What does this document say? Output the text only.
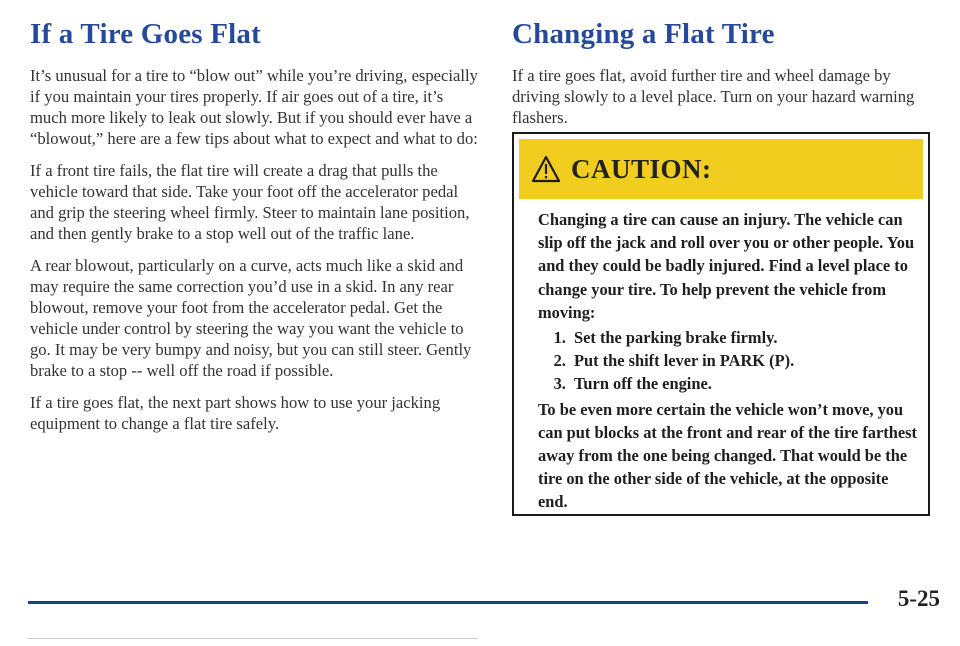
If a Tire Goes Flat

It’s unusual for a tire to “blow out” while you’re driving, especially if you maintain your tires properly. If air goes out of a tire, it’s much more likely to leak out slowly. But if you should ever have a “blowout,” here are a few tips about what to expect and what to do:

If a front tire fails, the flat tire will create a drag that pulls the vehicle toward that side. Take your foot off the accelerator pedal and grip the steering wheel firmly. Steer to maintain lane position, and then gently brake to a stop well out of the traffic lane.

A rear blowout, particularly on a curve, acts much like a skid and may require the same correction you’d use in a skid. In any rear blowout, remove your foot from the accelerator pedal. Get the vehicle under control by steering the way you want the vehicle to go. It may be very bumpy and noisy, but you can still steer. Gently brake to a stop -- well off the road if possible.

If a tire goes flat, the next part shows how to use your jacking equipment to change a flat tire safely.

Changing a Flat Tire

If a tire goes flat, avoid further tire and wheel damage by driving slowly to a level place. Turn on your hazard warning flashers.

CAUTION:

Changing a tire can cause an injury. The vehicle can slip off the jack and roll over you or other people. You and they could be badly injured. Find a level place to change your tire. To help prevent the vehicle from moving:

1. Set the parking brake firmly.
2. Put the shift lever in PARK (P).
3. Turn off the engine.

To be even more certain the vehicle won’t move, you can put blocks at the front and rear of the tire farthest away from the one being changed. That would be the tire on the other side of the vehicle, at the opposite end.

5-25
